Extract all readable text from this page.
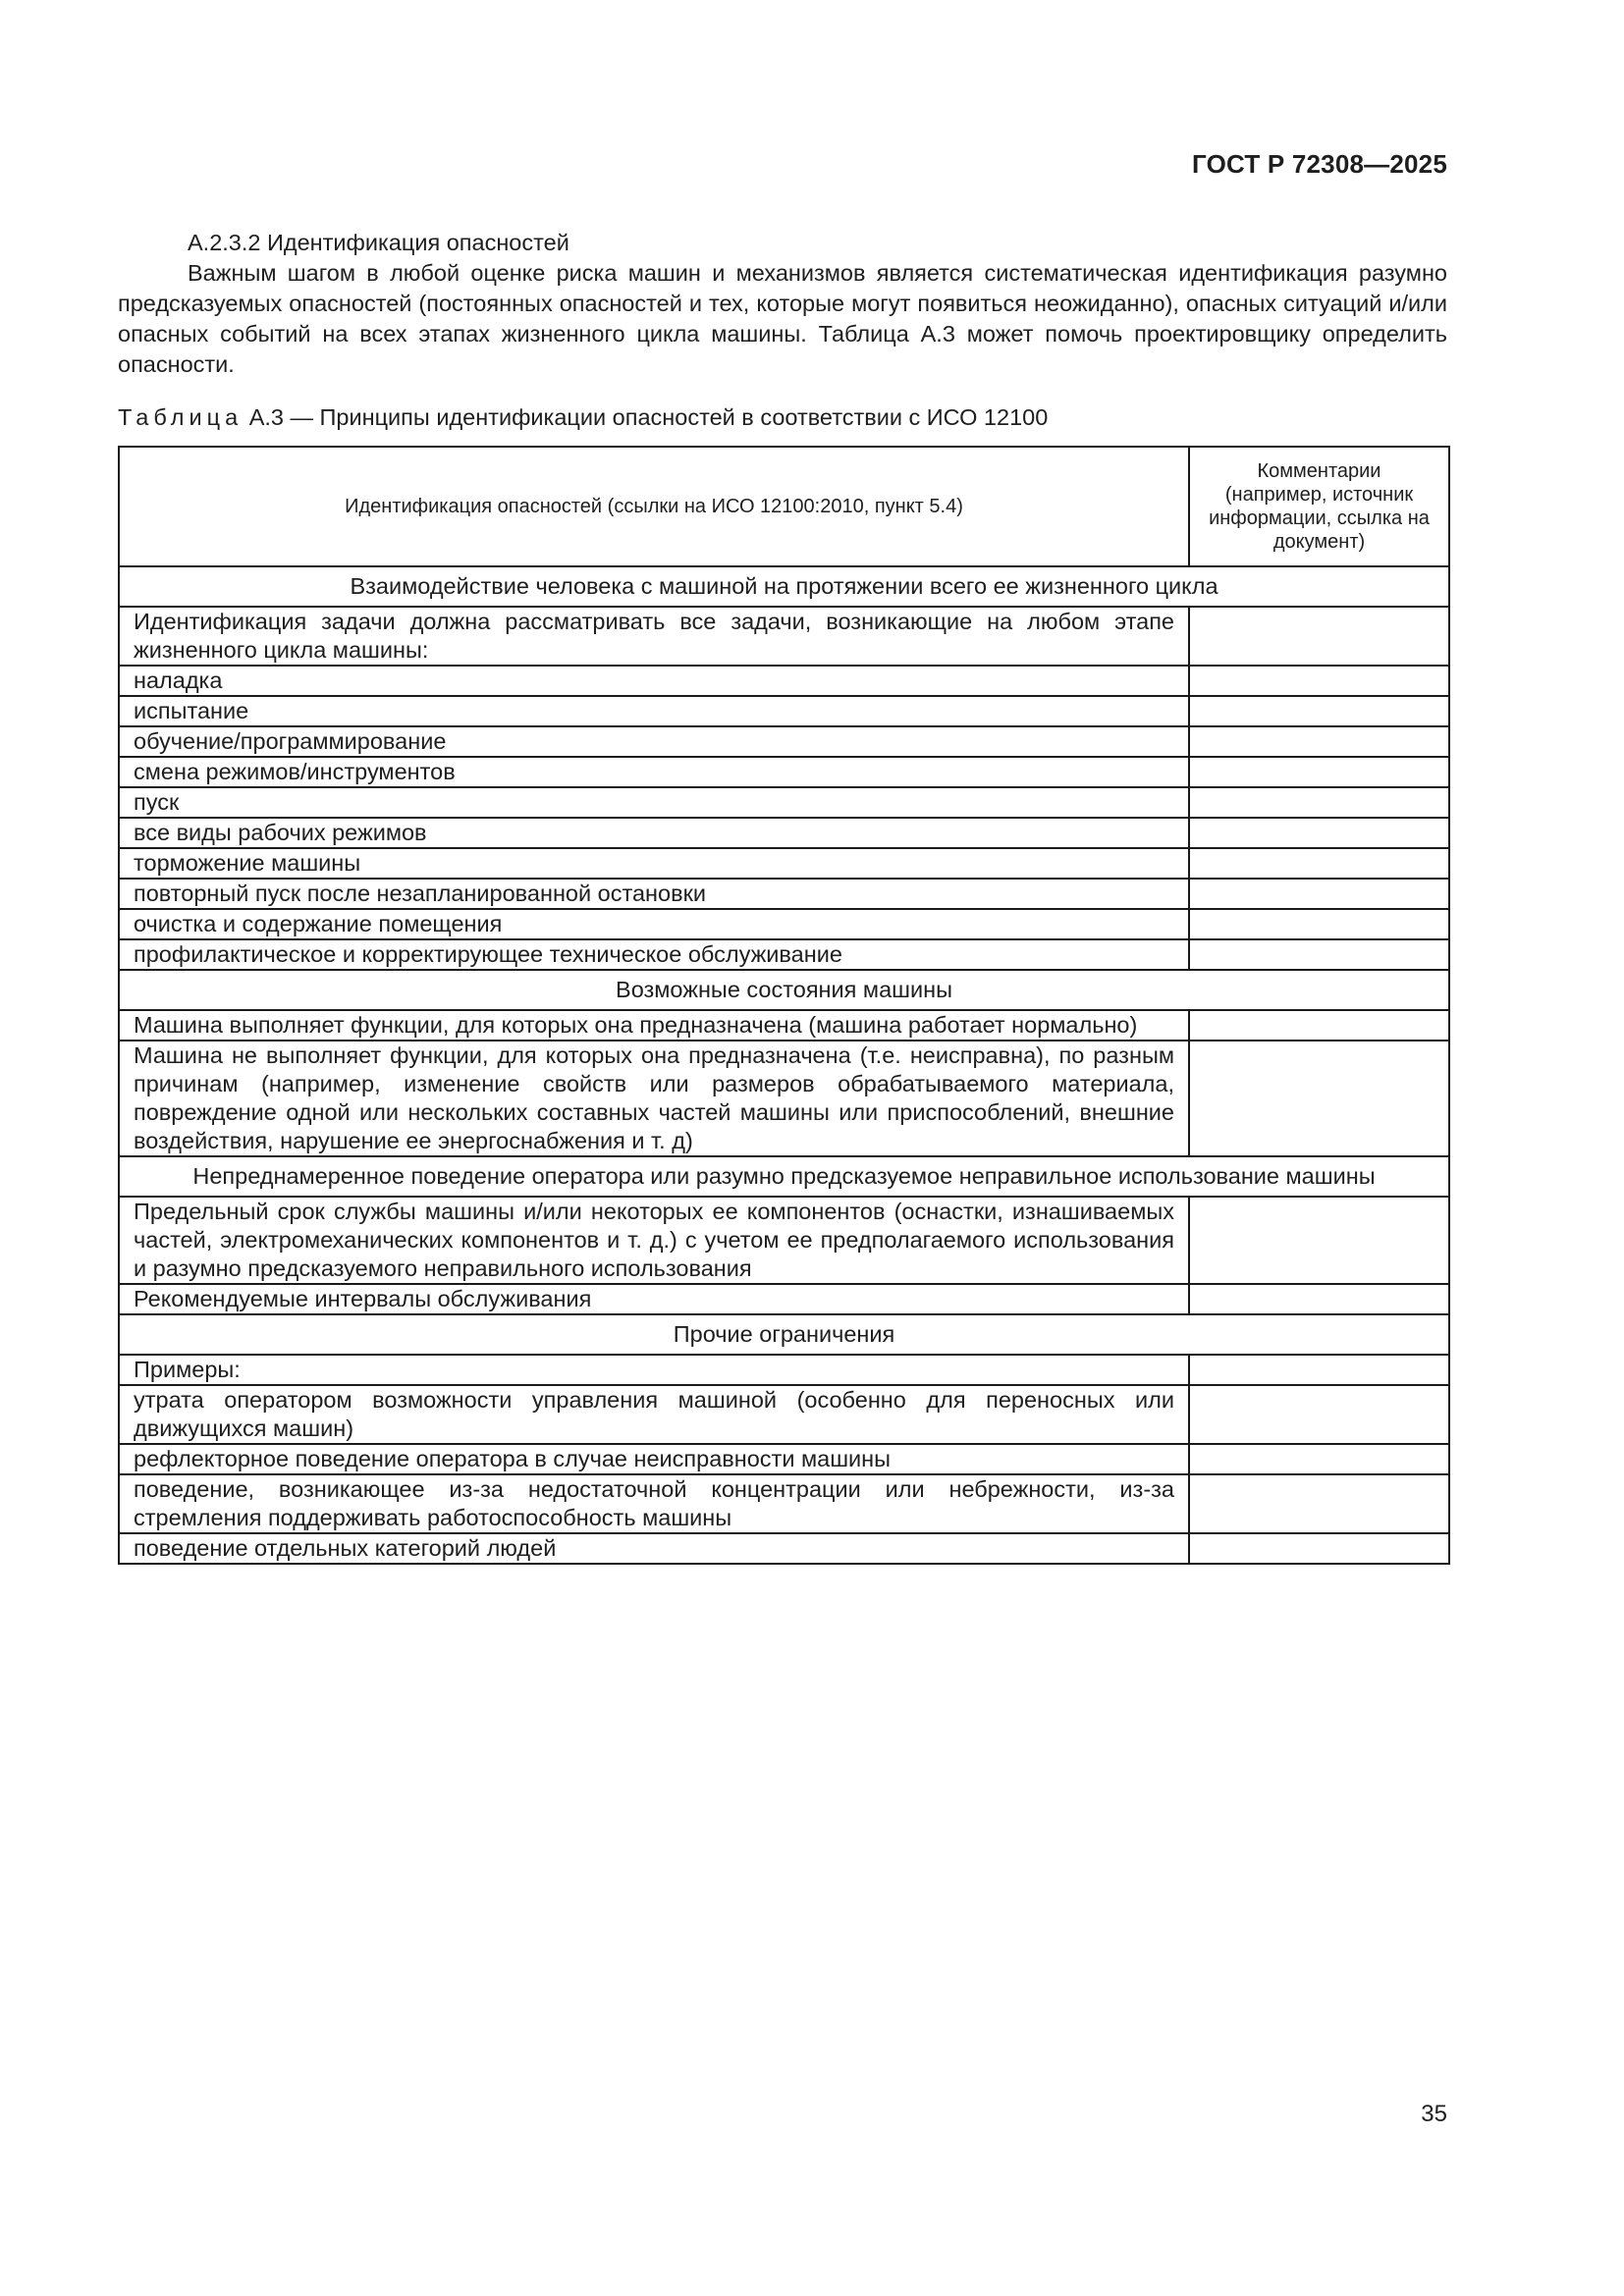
ГОСТ Р 72308—2025

А.2.3.2 Идентификация опасностей

Важным шагом в любой оценке риска машин и механизмов является систематическая идентификация разумно предсказуемых опасностей (постоянных опасностей и тех, которые могут появиться неожиданно), опасных ситуаций и/или опасных событий на всех этапах жизненного цикла машины. Таблица А.3 может помочь проектировщику определить опасности.

Таблица А.3 — Принципы идентификации опасностей в соответствии с ИСО 12100
Идентификация опасностей (ссылки на ИСО 12100:2010, пункт 5.4)	Комментарии (например, источник информации, ссылка на документ)
Взаимодействие человека с машиной на протяжении всего ее жизненного цикла	
Идентификация задачи должна рассматривать все задачи, возникающие на любом этапе жизненного цикла машины:	
наладка	
испытание	
обучение/программирование	
смена режимов/инструментов	
пуск	
все виды рабочих режимов	
торможение машины	
повторный пуск после незапланированной остановки	
очистка и содержание помещения	
профилактическое и корректирующее техническое обслуживание	
Возможные состояния машины	
Машина выполняет функции, для которых она предназначена (машина работает нормально)	
Машина не выполняет функции, для которых она предназначена (т.е. неисправна), по разным причинам (например, изменение свойств или размеров обрабатываемого материала, повреждение одной или нескольких составных частей машины или приспособлений, внешние воздействия, нарушение ее энергоснабжения и т. д)	
Непреднамеренное поведение оператора или разумно предсказуемое неправильное использование машины	
Предельный срок службы машины и/или некоторых ее компонентов (оснастки, изнашиваемых частей, электромеханических компонентов и т. д.) с учетом ее предполагаемого использования и разумно предсказуемого неправильного использования	
Рекомендуемые интервалы обслуживания	
Прочие ограничения	
Примеры:	
утрата оператором возможности управления машиной (особенно для переносных или движущихся машин)	
рефлекторное поведение оператора в случае неисправности машины	
поведение, возникающее из-за недостаточной концентрации или небрежности, из-за стремления поддерживать работоспособность машины	
поведение отдельных категорий людей	
35
